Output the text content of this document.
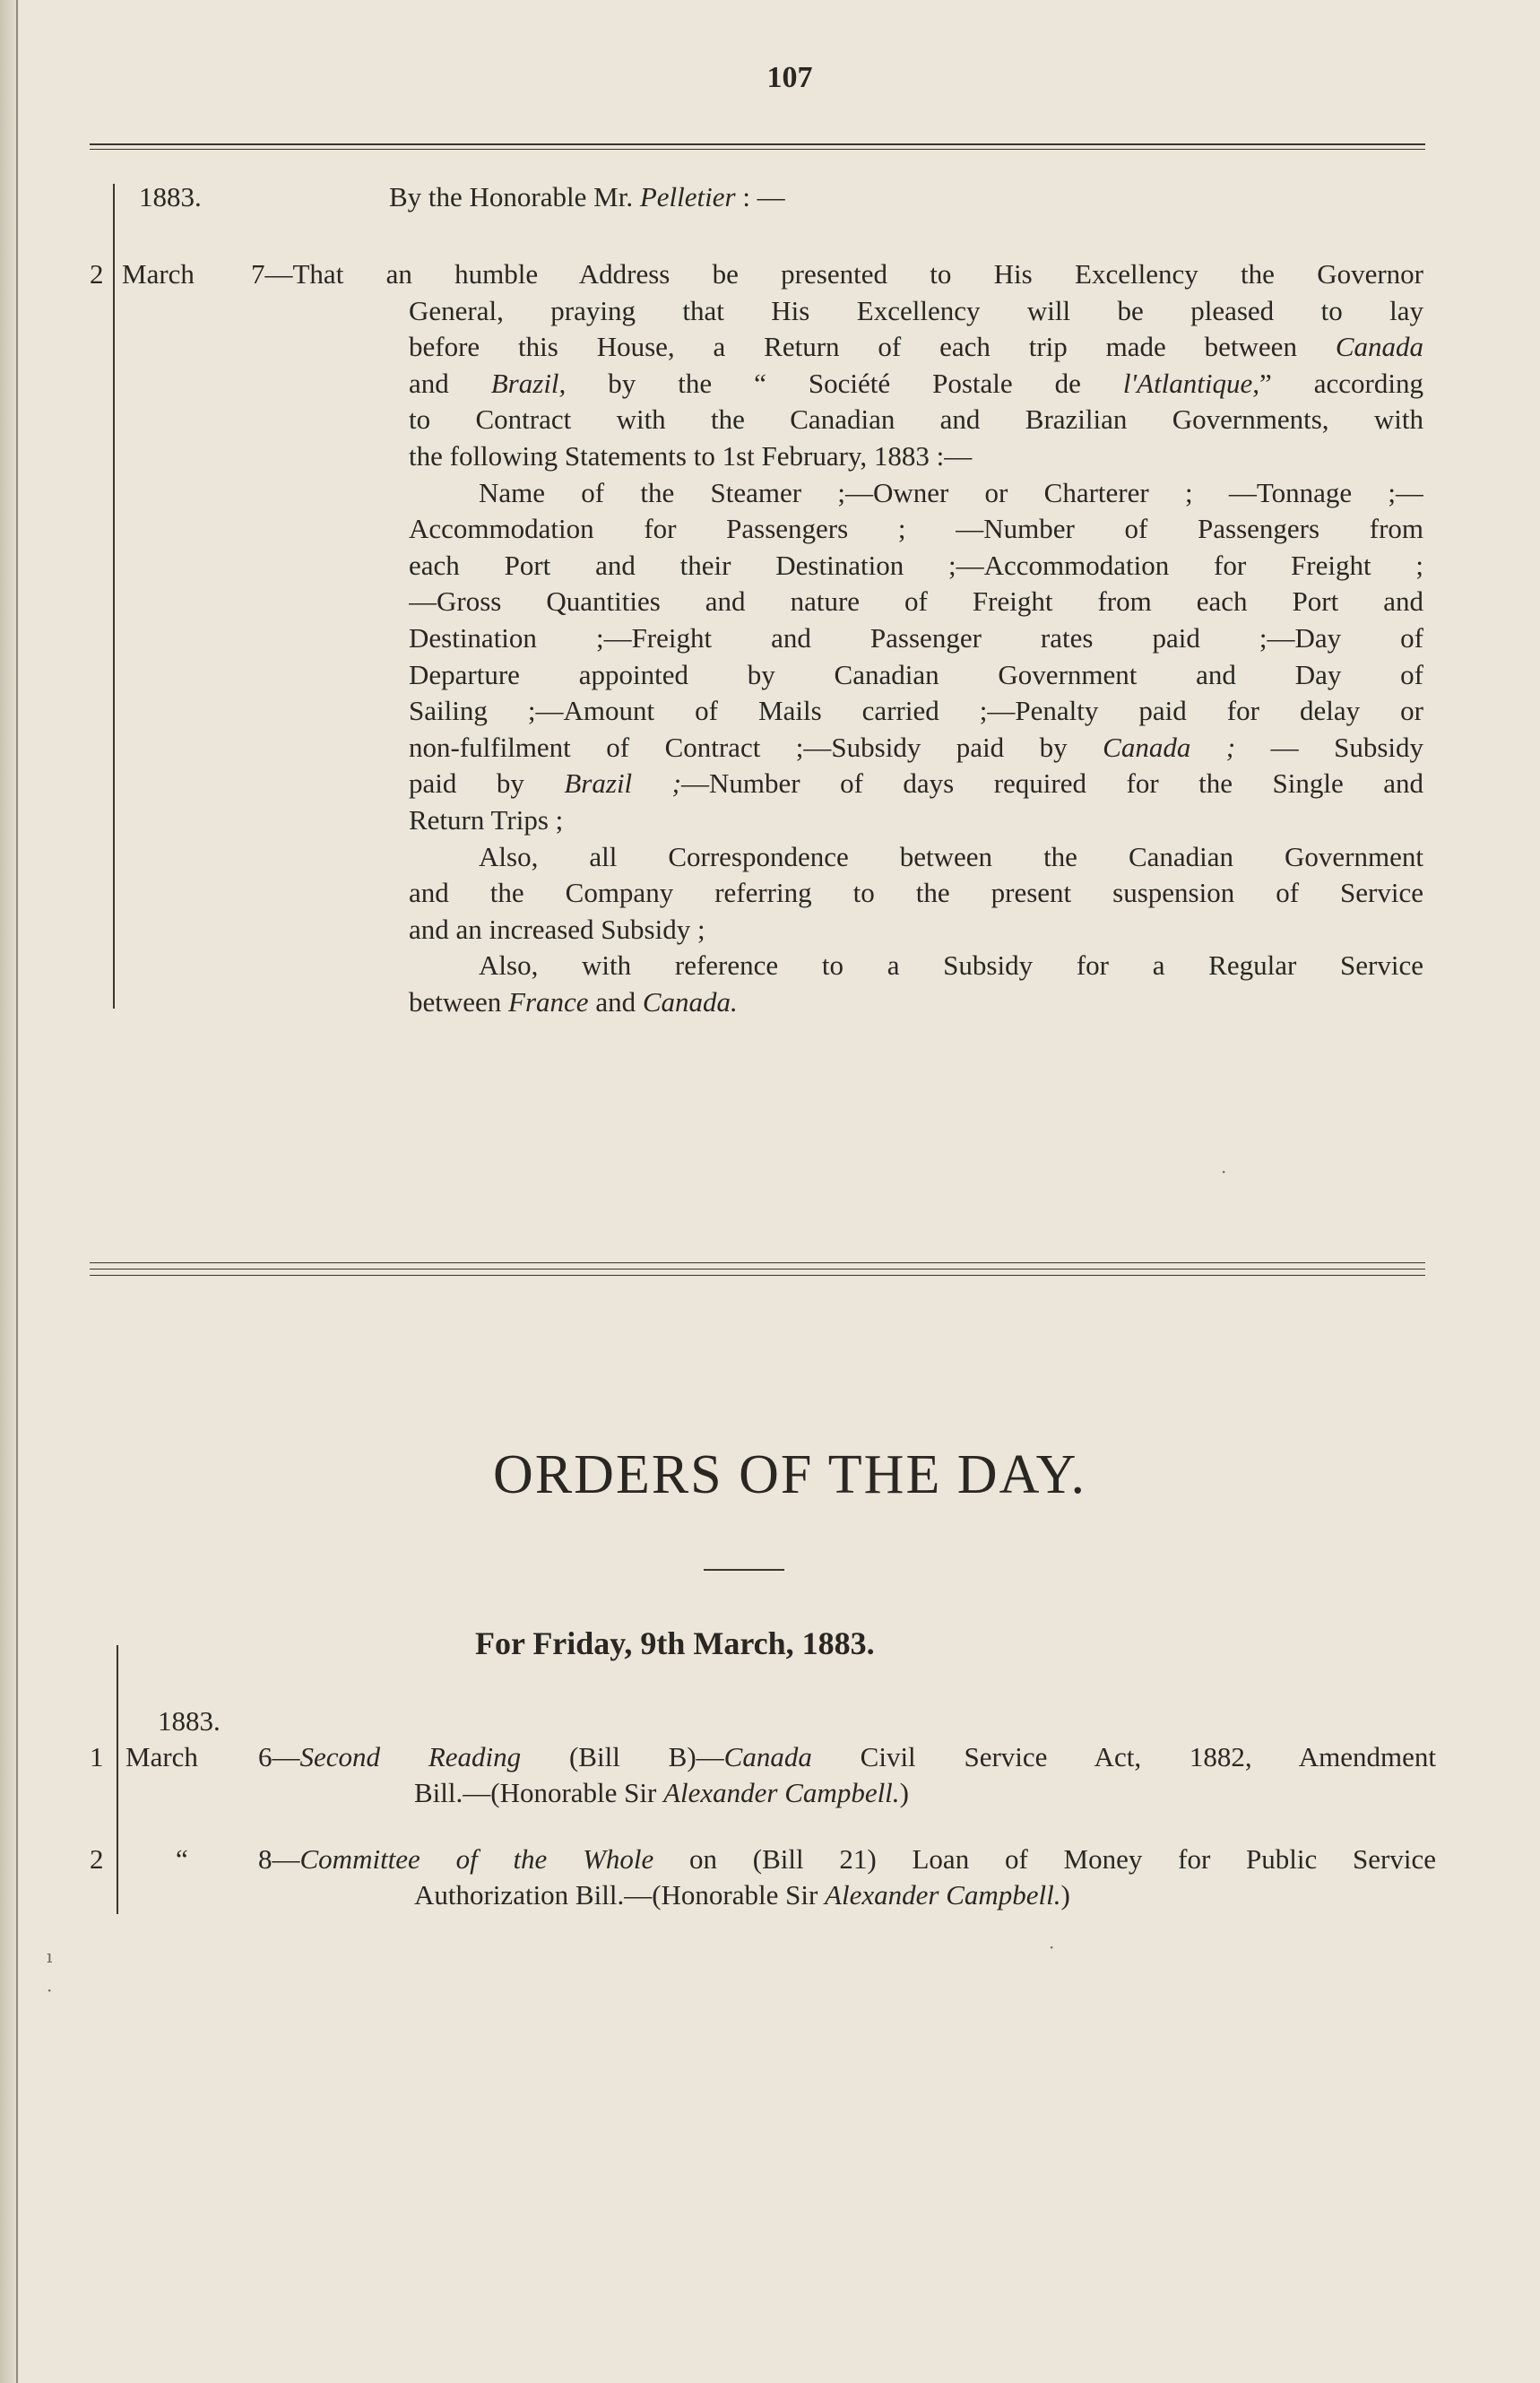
107
1883.	By the Honorable Mr. Pelletier : —
2 March 7—That an humble Address be presented to His Excellency the Governor
General, praying that His Excellency will be pleased to lay
before this House, a Return of each trip made between Canada
and Brazil, by the “ Société Postale de l'Atlantique,” according
to Contract with the Canadian and Brazilian Governments, with
the following Statements to 1st February, 1883 :—
Name of the Steamer ;—Owner or Charterer ; —Tonnage ;—
Accommodation for Passengers ; —Number of Passengers from
each Port and their Destination ;—Accommodation for Freight ;
—Gross Quantities and nature of Freight from each Port and
Destination ;—Freight and Passenger rates paid ;—Day of
Departure appointed by Canadian Government and Day of
Sailing ;—Amount of Mails carried ;—Penalty paid for delay or
non-fulfilment of Contract ;—Subsidy paid by Canada ; — Subsidy
paid by Brazil ;—Number of days required for the Single and
Return Trips ;
Also, all Correspondence between the Canadian Government
and the Company referring to the present suspension of Service
and an increased Subsidy ;
Also, with reference to a Subsidy for a Regular Service
between France and Canada.
ORDERS OF THE DAY.
For Friday, 9th March, 1883.
1883.
1 March 6—Second Reading (Bill B)—Canada Civil Service Act, 1882, Amendment
Bill.—(Honorable Sir Alexander Campbell.)
2	“	8—Committee of the Whole on (Bill 21) Loan of Money for Public Service
Authorization Bill.—(Honorable Sir Alexander Campbell.)
ı
·
·
·
